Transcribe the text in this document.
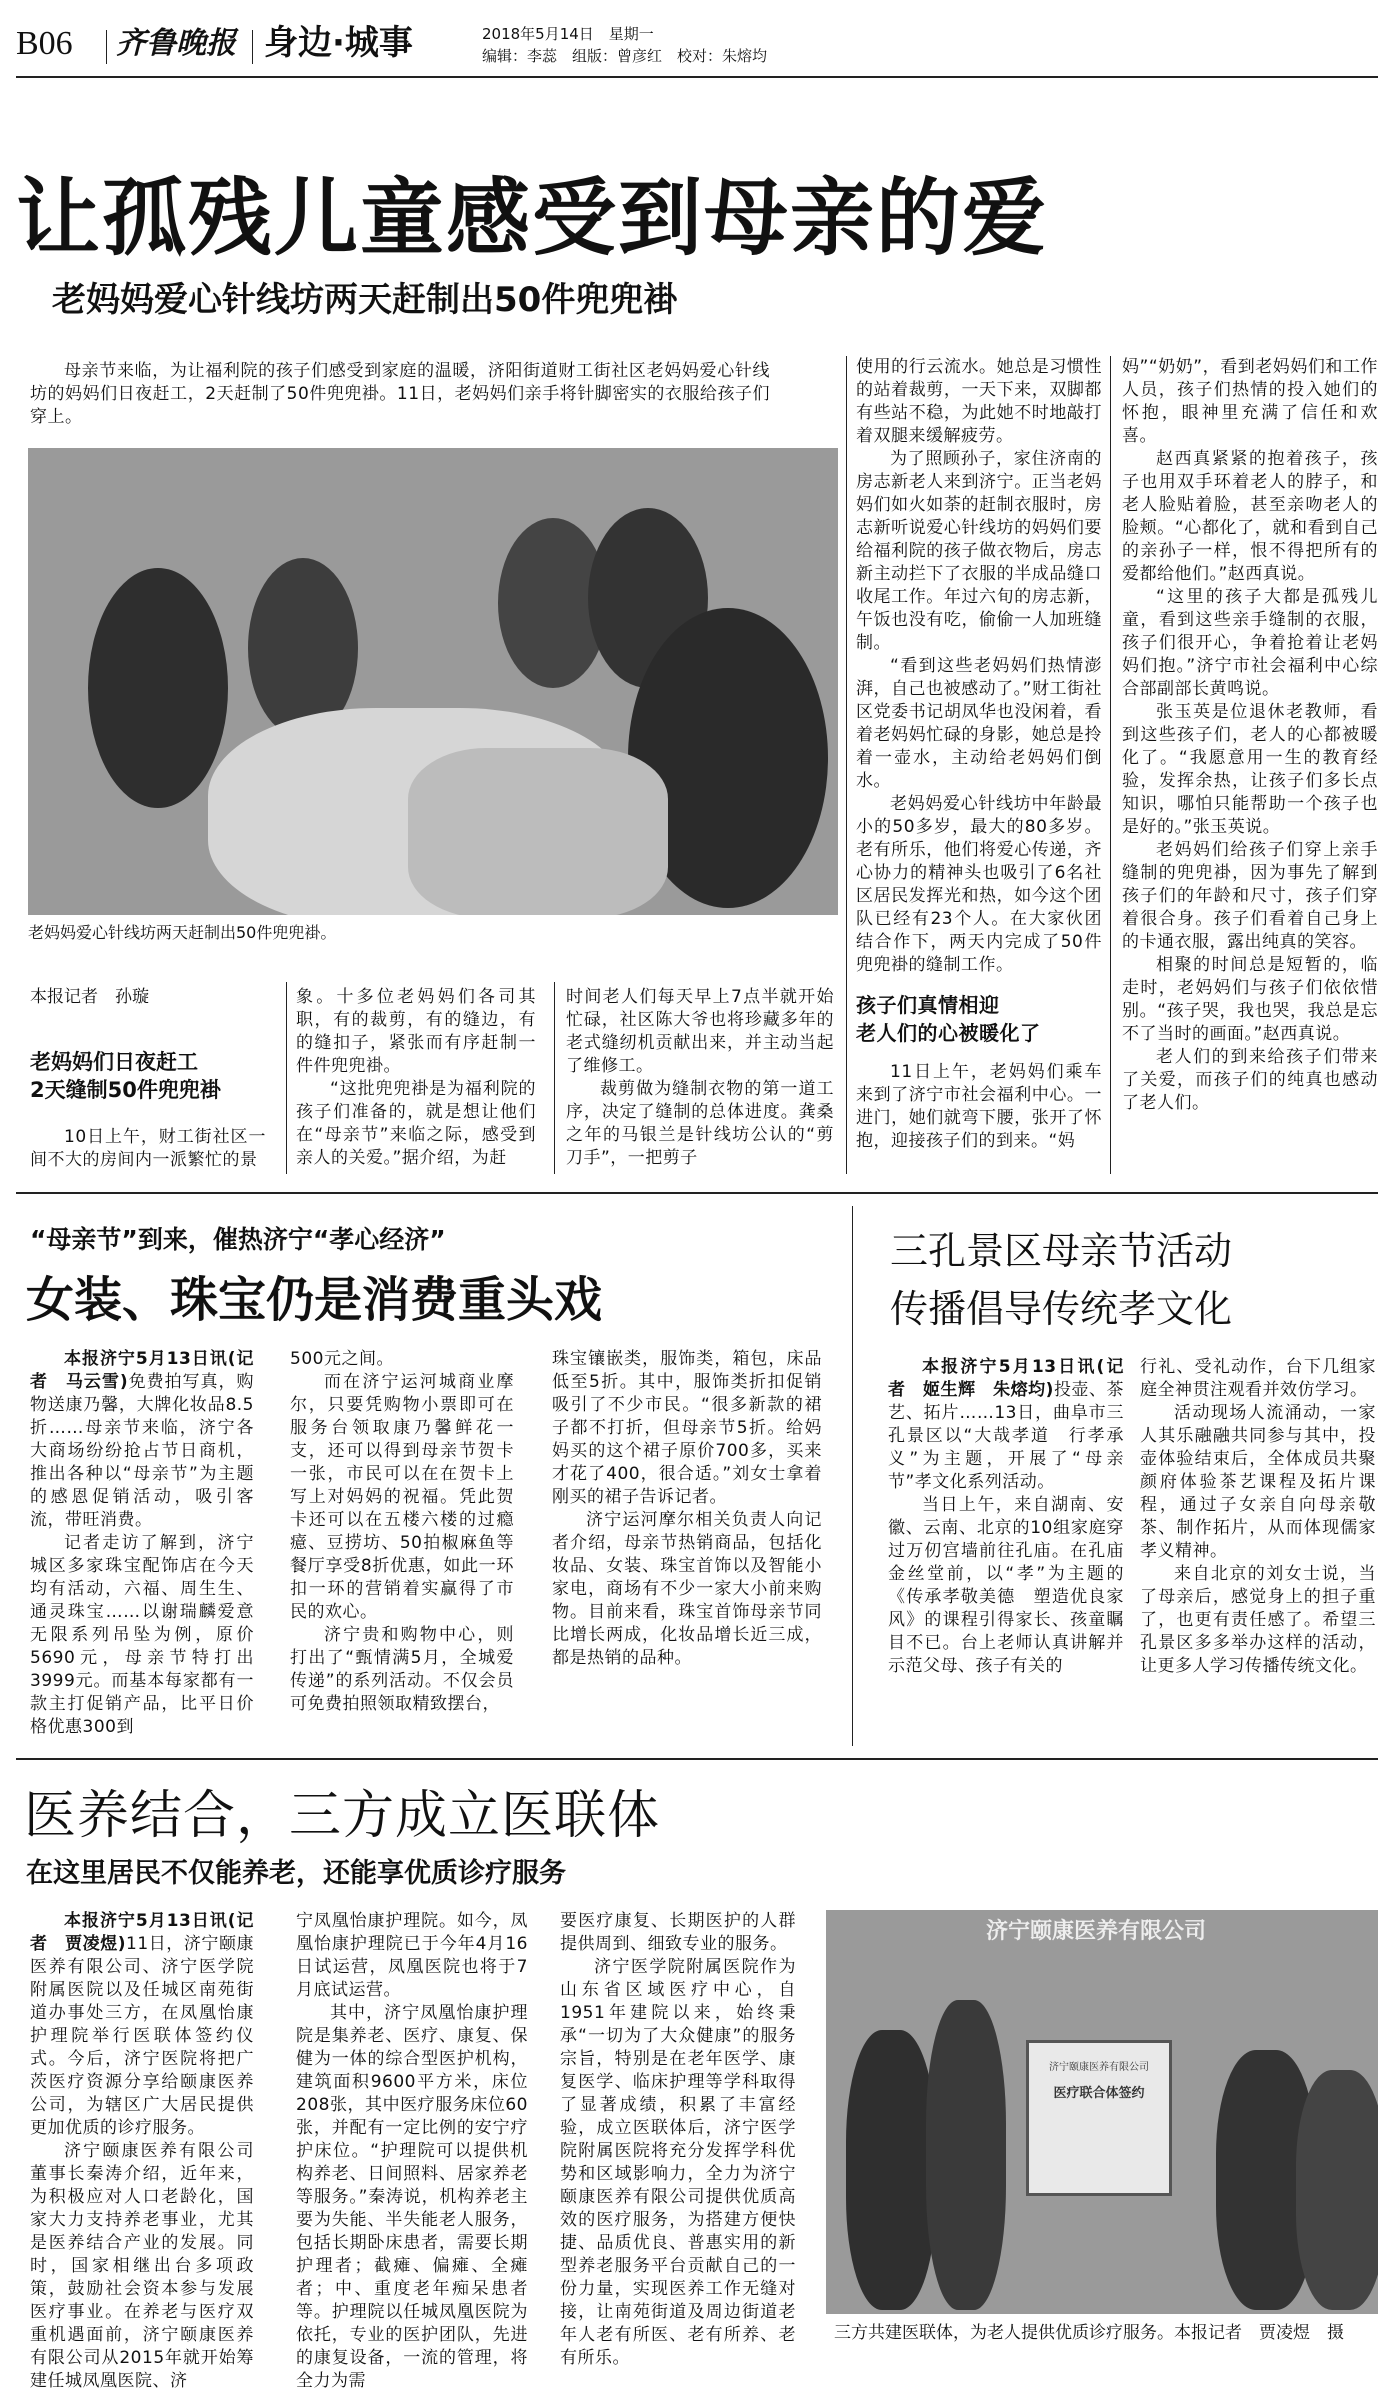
B06 齐鲁晚报 身边·城事	2018年5月14日　星期一
编辑：李蕊　组版：曾彦红　校对：朱熔均
让孤残儿童感受到母亲的爱
老妈妈爱心针线坊两天赶制出50件兜兜褂

母亲节来临，为让福利院的孩子们感受到家庭的温暖，济阳街道财工街社区老妈妈爱心针线坊的妈妈们日夜赶工，2天赶制了50件兜兜褂。11日，老妈妈们亲手将针脚密实的衣服给孩子们穿上。

老妈妈爱心针线坊两天赶制出50件兜兜褂。
本报记者　孙璇
老妈妈们日夜赶工
2天缝制50件兜兜褂

10日上午，财工街社区一间不大的房间内一派繁忙的景

象。十多位老妈妈们各司其职，有的裁剪，有的缝边，有的缝扣子，紧张而有序赶制一件件兜兜褂。

“这批兜兜褂是为福利院的孩子们准备的，就是想让他们在“母亲节”来临之际，感受到亲人的关爱。”据介绍，为赶

时间老人们每天早上7点半就开始忙碌，社区陈大爷也将珍藏多年的老式缝纫机贡献出来，并主动当起了维修工。

裁剪做为缝制衣物的第一道工序，决定了缝制的总体进度。龚桑之年的马银兰是针线坊公认的“剪刀手”，一把剪子

使用的行云流水。她总是习惯性的站着裁剪，一天下来，双脚都有些站不稳，为此她不时地敲打着双腿来缓解疲劳。

为了照顾孙子，家住济南的房志新老人来到济宁。正当老妈妈们如火如荼的赶制衣服时，房志新听说爱心针线坊的妈妈们要给福利院的孩子做衣物后，房志新主动拦下了衣服的半成品缝口收尾工作。年过六旬的房志新，午饭也没有吃，偷偷一人加班缝制。

“看到这些老妈妈们热情澎湃，自己也被感动了。”财工街社区党委书记胡凤华也没闲着，看着老妈妈忙碌的身影，她总是拎着一壶水，主动给老妈妈们倒水。

老妈妈爱心针线坊中年龄最小的50多岁，最大的80多岁。老有所乐，他们将爱心传递，齐心协力的精神头也吸引了6名社区居民发挥光和热，如今这个团队已经有23个人。在大家伙团结合作下，两天内完成了50件兜兜褂的缝制工作。

孩子们真情相迎
老人们的心被暖化了

11日上午，老妈妈们乘车来到了济宁市社会福利中心。一进门，她们就弯下腰，张开了怀抱，迎接孩子们的到来。“妈

妈”“奶奶”，看到老妈妈们和工作人员，孩子们热情的投入她们的怀抱，眼神里充满了信任和欢喜。

赵西真紧紧的抱着孩子，孩子也用双手环着老人的脖子，和老人脸贴着脸，甚至亲吻老人的脸颊。“心都化了，就和看到自己的亲孙子一样，恨不得把所有的爱都给他们。”赵西真说。

“这里的孩子大都是孤残儿童，看到这些亲手缝制的衣服，孩子们很开心，争着抢着让老妈妈们抱。”济宁市社会福利中心综合部副部长黄鸣说。

张玉英是位退休老教师，看到这些孩子们，老人的心都被暖化了。“我愿意用一生的教育经验，发挥余热，让孩子们多长点知识，哪怕只能帮助一个孩子也是好的。”张玉英说。

老妈妈们给孩子们穿上亲手缝制的兜兜褂，因为事先了解到孩子们的年龄和尺寸，孩子们穿着很合身。孩子们看着自己身上的卡通衣服，露出纯真的笑容。

相聚的时间总是短暂的，临走时，老妈妈们与孩子们依依惜别。“孩子哭，我也哭，我总是忘不了当时的画面。”赵西真说。

老人们的到来给孩子们带来了关爱，而孩子们的纯真也感动了老人们。

“母亲节”到来，催热济宁“孝心经济”
女装、珠宝仍是消费重头戏

本报济宁5月13日讯(记者　马云雪)免费拍写真，购物送康乃馨，大牌化妆品8.5折……母亲节来临，济宁各大商场纷纷抢占节日商机，推出各种以“母亲节”为主题的感恩促销活动，吸引客流，带旺消费。

记者走访了解到，济宁城区多家珠宝配饰店在今天均有活动，六福、周生生、通灵珠宝……以谢瑞麟爱意无限系列吊坠为例，原价5690元，母亲节特打出3999元。而基本每家都有一款主打促销产品，比平日价格优惠300到

500元之间。

而在济宁运河城商业摩尔，只要凭购物小票即可在服务台领取康乃馨鲜花一支，还可以得到母亲节贺卡一张，市民可以在在贺卡上写上对妈妈的祝福。凭此贺卡还可以在五楼六楼的过瘾癔、豆捞坊、50拍椒麻鱼等餐厅享受8折优惠，如此一环扣一环的营销着实赢得了市民的欢心。

济宁贵和购物中心，则打出了“甄情满5月，全城爱传递”的系列活动。不仅会员可免费拍照领取精致摆台，

珠宝镶嵌类，服饰类，箱包，床品低至5折。其中，服饰类折扣促销吸引了不少市民。“很多新款的裙子都不打折，但母亲节5折。给妈妈买的这个裙子原价700多，买来才花了400，很合适。”刘女士拿着刚买的裙子告诉记者。

济宁运河摩尔相关负责人向记者介绍，母亲节热销商品，包括化妆品、女装、珠宝首饰以及智能小家电，商场有不少一家大小前来购物。目前来看，珠宝首饰母亲节同比增长两成，化妆品增长近三成，都是热销的品种。

三孔景区母亲节活动
传播倡导传统孝文化

本报济宁5月13日讯(记者　姬生辉　朱熔均)投壶、茶艺、拓片……13日，曲阜市三孔景区以“大哉孝道　行孝承义”为主题，开展了“母亲节”孝文化系列活动。

当日上午，来自湖南、安徽、云南、北京的10组家庭穿过万仞宫墙前往孔庙。在孔庙金丝堂前，以“孝”为主题的《传承孝敬美德　塑造优良家风》的课程引得家长、孩童瞩目不已。台上老师认真讲解并示范父母、孩子有关的

行礼、受礼动作，台下几组家庭全神贯注观看并效仿学习。

活动现场人流涌动，一家人其乐融融共同参与其中，投壶体验结束后，全体成员共聚颜府体验茶艺课程及拓片课程，通过子女亲自向母亲敬茶、制作拓片，从而体现儒家孝义精神。

来自北京的刘女士说，当了母亲后，感觉身上的担子重了，也更有责任感了。希望三孔景区多多举办这样的活动，让更多人学习传播传统文化。

医养结合，三方成立医联体
在这里居民不仅能养老，还能享优质诊疗服务

本报济宁5月13日讯(记者　贾凌煜)11日，济宁颐康医养有限公司、济宁医学院附属医院以及任城区南苑街道办事处三方，在凤凰怡康护理院举行医联体签约仪式。今后，济宁医院将把广茨医疗资源分享给颐康医养公司，为辖区广大居民提供更加优质的诊疗服务。

济宁颐康医养有限公司董事长秦涛介绍，近年来，为积极应对人口老龄化，国家大力支持养老事业，尤其是医养结合产业的发展。同时，国家相继出台多项政策，鼓励社会资本参与发展医疗事业。在养老与医疗双重机遇面前，济宁颐康医养有限公司从2015年就开始筹建任城凤凰医院、济

宁凤凰怡康护理院。如今，凤凰怡康护理院已于今年4月16日试运营，凤凰医院也将于7月底试运营。

其中，济宁凤凰怡康护理院是集养老、医疗、康复、保健为一体的综合型医护机构，建筑面积9600平方米，床位208张，其中医疗服务床位60张，并配有一定比例的安宁疗护床位。“护理院可以提供机构养老、日间照料、居家养老等服务。”秦涛说，机构养老主要为失能、半失能老人服务，包括长期卧床患者，需要长期护理者；截瘫、偏瘫、全瘫者；中、重度老年痴呆患者等。护理院以任城凤凰医院为依托，专业的医护团队，先进的康复设备，一流的管理，将全力为需

要医疗康复、长期医护的人群提供周到、细致专业的服务。

济宁医学院附属医院作为山东省区域医疗中心，自1951年建院以来，始终秉承“一切为了大众健康”的服务宗旨，特别是在老年医学、康复医学、临床护理等学科取得了显著成绩，积累了丰富经验，成立医联体后，济宁医学院附属医院将充分发挥学科优势和区域影响力，全力为济宁颐康医养有限公司提供优质高效的医疗服务，为搭建方便快捷、品质优良、普惠实用的新型养老服务平台贡献自己的一份力量，实现医养工作无缝对接，让南苑街道及周边街道老年人老有所医、老有所养、老有所乐。

济宁颐康医养有限公司
济宁颐康医养有限公司
医疗联合体签约
三方共建医联体，为老人提供优质诊疗服务。本报记者　贾凌煜　摄
